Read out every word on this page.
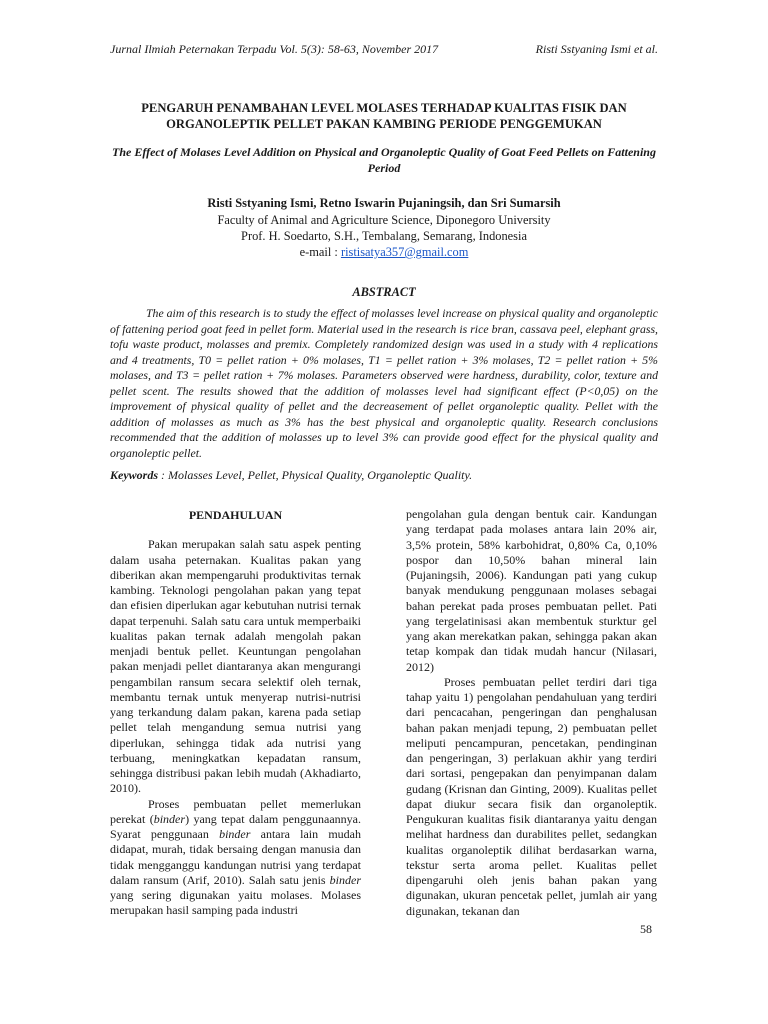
Jurnal Ilmiah Peternakan Terpadu Vol. 5(3): 58-63, November 2017	Risti Sstyaning Ismi et al.
PENGARUH PENAMBAHAN LEVEL MOLASES TERHADAP KUALITAS FISIK DAN ORGANOLEPTIK PELLET PAKAN KAMBING PERIODE PENGGEMUKAN
The Effect of Molases Level Addition on Physical and Organoleptic Quality of Goat Feed Pellets on Fattening Period
Risti Sstyaning Ismi, Retno Iswarin Pujaningsih, dan Sri Sumarsih
Faculty of Animal and Agriculture Science, Diponegoro University
Prof. H. Soedarto, S.H., Tembalang, Semarang, Indonesia
e-mail : ristisatya357@gmail.com
ABSTRACT

The aim of this research is to study the effect of molasses level increase on physical quality and organoleptic of fattening period goat feed in pellet form. Material used in the research is rice bran, cassava peel, elephant grass, tofu waste product, molasses and premix. Completely randomized design was used in a study with 4 replications and 4 treatments, T0 = pellet ration + 0% molases, T1 = pellet ration + 3% molases, T2 = pellet ration + 5% molases, and T3 = pellet ration + 7% molases. Parameters observed were hardness, durability, color, texture and pellet scent. The results showed that the addition of molasses level had significant effect (P<0,05) on the improvement of physical quality of pellet and the decreasement of pellet organoleptic quality. Pellet with the addition of molasses as much as 3% has the best physical and organoleptic quality. Research conclusions recommended that the addition of molasses up to level 3% can provide good effect for the physical quality and organoleptic pellet.

Keywords : Molasses Level, Pellet, Physical Quality, Organoleptic Quality.

PENDAHULUAN

Pakan merupakan salah satu aspek penting dalam usaha peternakan. Kualitas pakan yang diberikan akan mempengaruhi produktivitas ternak kambing. Teknologi pengolahan pakan yang tepat dan efisien diperlukan agar kebutuhan nutrisi ternak dapat terpenuhi. Salah satu cara untuk memperbaiki kualitas pakan ternak adalah mengolah pakan menjadi bentuk pellet. Keuntungan pengolahan pakan menjadi pellet diantaranya akan mengurangi pengambilan ransum secara selektif oleh ternak, membantu ternak untuk menyerap nutrisi-nutrisi yang terkandung dalam pakan, karena pada setiap pellet telah mengandung semua nutrisi yang diperlukan, sehingga tidak ada nutrisi yang terbuang, meningkatkan kepadatan ransum, sehingga distribusi pakan lebih mudah (Akhadiarto, 2010).

Proses pembuatan pellet memerlukan perekat (binder) yang tepat dalam penggunaannya. Syarat penggunaan binder antara lain mudah didapat, murah, tidak bersaing dengan manusia dan tidak mengganggu kandungan nutrisi yang terdapat dalam ransum (Arif, 2010). Salah satu jenis binder yang sering digunakan yaitu molases. Molases merupakan hasil samping pada industri

pengolahan gula dengan bentuk cair. Kandungan yang terdapat pada molases antara lain 20% air, 3,5% protein, 58% karbohidrat, 0,80% Ca, 0,10% pospor dan 10,50% bahan mineral lain (Pujaningsih, 2006). Kandungan pati yang cukup banyak mendukung penggunaan molases sebagai bahan perekat pada proses pembuatan pellet. Pati yang tergelatinisasi akan membentuk sturktur gel yang akan merekatkan pakan, sehingga pakan akan tetap kompak dan tidak mudah hancur (Nilasari, 2012)

Proses pembuatan pellet terdiri dari tiga tahap yaitu 1) pengolahan pendahuluan yang terdiri dari pencacahan, pengeringan dan penghalusan bahan pakan menjadi tepung, 2) pembuatan pellet meliputi pencampuran, pencetakan, pendinginan dan pengeringan, 3) perlakuan akhir yang terdiri dari sortasi, pengepakan dan penyimpanan dalam gudang (Krisnan dan Ginting, 2009). Kualitas pellet dapat diukur secara fisik dan organoleptik. Pengukuran kualitas fisik diantaranya yaitu dengan melihat hardness dan durabilites pellet, sedangkan kualitas organoleptik dilihat berdasarkan warna, tekstur serta aroma pellet. Kualitas pellet dipengaruhi oleh jenis bahan pakan yang digunakan, ukuran pencetak pellet, jumlah air yang digunakan, tekanan dan

58
